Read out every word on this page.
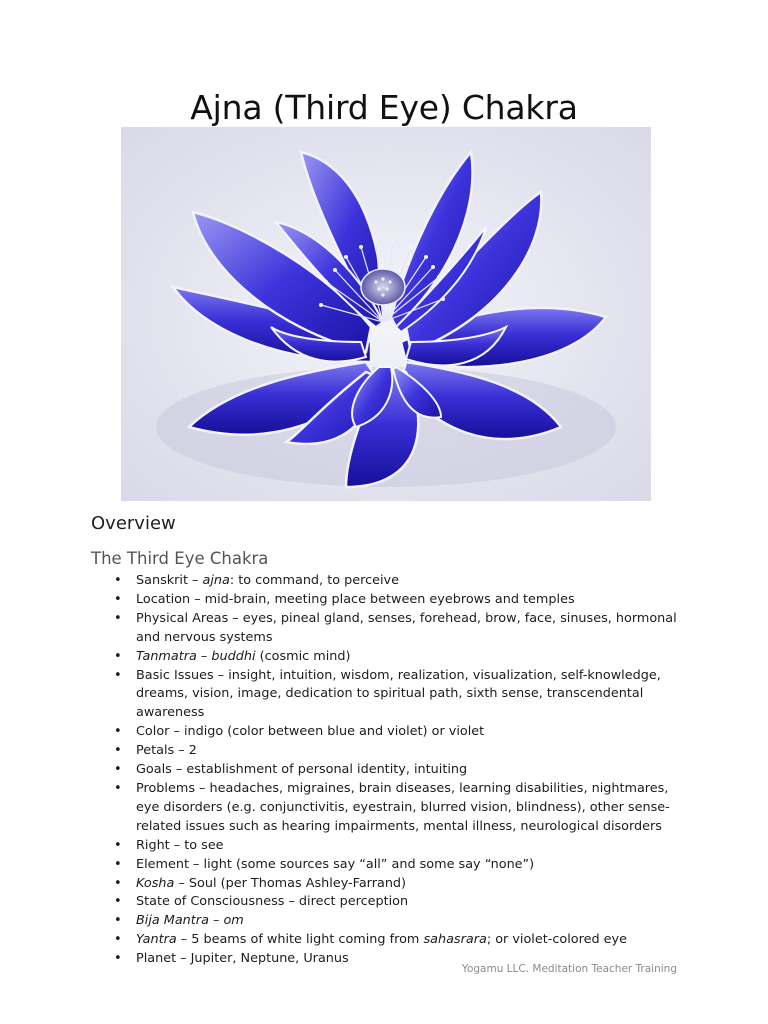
Ajna (Third Eye) Chakra
Overview
The Third Eye Chakra
• Sanskrit – ajna: to command, to perceive
• Location – mid-brain, meeting place between eyebrows and temples
• Physical Areas – eyes, pineal gland, senses, forehead, brow, face, sinuses, hormonal and nervous systems
• Tanmatra – buddhi (cosmic mind)
• Basic Issues – insight, intuition, wisdom, realization, visualization, self-knowledge, dreams, vision, image, dedication to spiritual path, sixth sense, transcendental awareness
• Color – indigo (color between blue and violet) or violet
• Petals – 2
• Goals – establishment of personal identity, intuiting
• Problems – headaches, migraines, brain diseases, learning disabilities, nightmares, eye disorders (e.g. conjunctivitis, eyestrain, blurred vision, blindness), other sense-related issues such as hearing impairments, mental illness, neurological disorders
• Right – to see
• Element – light (some sources say “all” and some say “none”)
• Kosha – Soul (per Thomas Ashley-Farrand)
• State of Consciousness – direct perception
• Bija Mantra – om
• Yantra – 5 beams of white light coming from sahasrara; or violet-colored eye
• Planet – Jupiter, Neptune, Uranus
Yogamu LLC. Meditation Teacher Training
